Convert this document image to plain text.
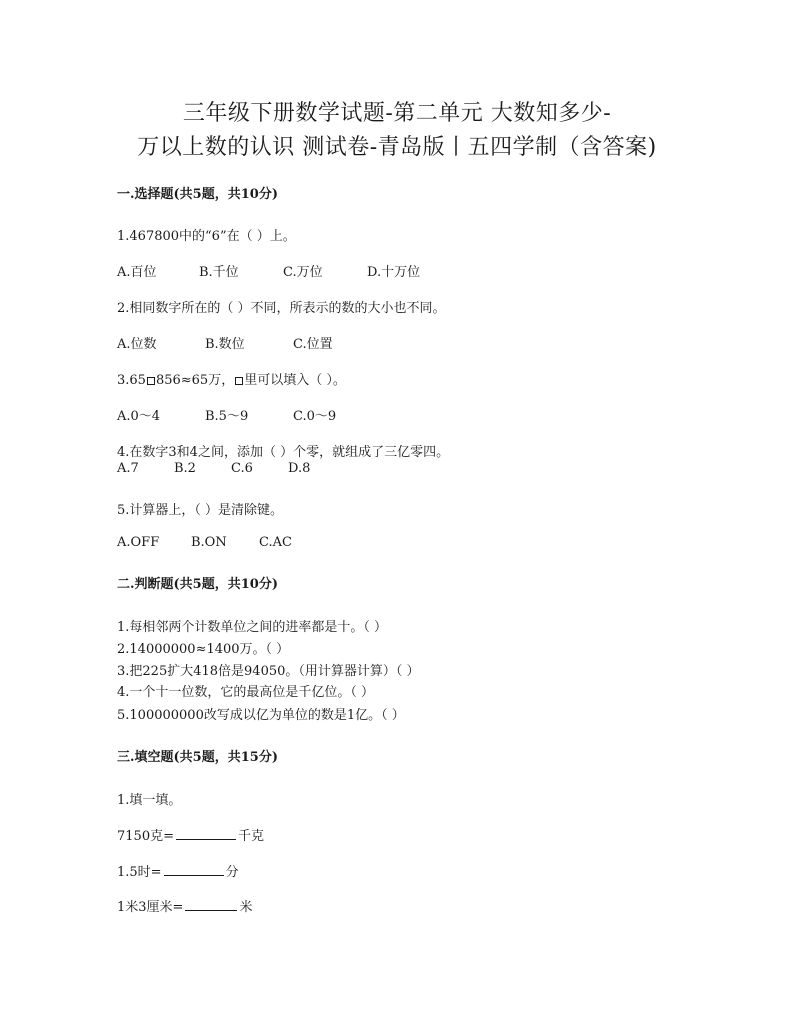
三年级下册数学试题-第二单元 大数知多少-
万以上数的认识 测试卷-青岛版丨五四学制（含答案)
一.选择题(共5题，共10分)
1.467800中的“6”在（ ）上。
A.百位	B.千位	C.万位	D.十万位
2.相同数字所在的（ ）不同，所表示的数的大小也不同。
A.位数	B.数位	C.位置
3.65 856≈65万， 里可以填入（ ）。
A.0～4	B.5～9	C.0～9
4.在数字3和4之间，添加（ ）个零，就组成了三亿零四。
A.7	B.2	C.6	D.8
5.计算器上，（ ）是清除键。
A.OFF B.ON C.AC
二.判断题(共5题，共10分)
1.每相邻两个计数单位之间的进率都是十。（ ）
2.14000000≈1400万。（ ）
3.把225扩大418倍是94050。（用计算器计算）（ ）
4.一个十一位数，它的最高位是千亿位。（ ）
5.100000000改写成以亿为单位的数是1亿。（ ）
三.填空题(共5题，共15分)
1.填一填。
7150克=	千克
1.5时=	分
1米3厘米=	米
